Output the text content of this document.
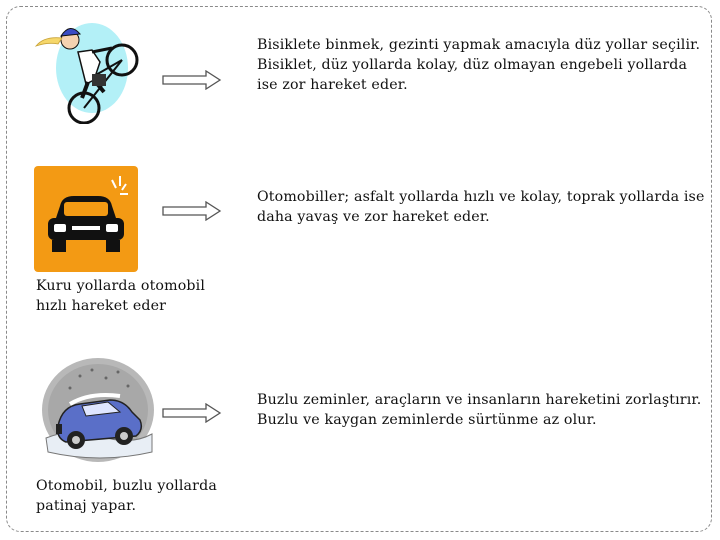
Bisiklete binmek, gezinti yapmak amacıyla düz yollar seçilir.
Bisiklet, düz yollarda kolay, düz olmayan engebeli yollarda
ise zor hareket eder.
Otomobiller; asfalt yollarda hızlı ve kolay, toprak yollarda ise
daha yavaş ve zor hareket eder.
Kuru yollarda otomobil
hızlı hareket eder
Buzlu zeminler, araçların ve insanların hareketini zorlaştırır.
Buzlu ve kaygan zeminlerde sürtünme az olur.
Otomobil, buzlu yollarda
patinaj yapar.
